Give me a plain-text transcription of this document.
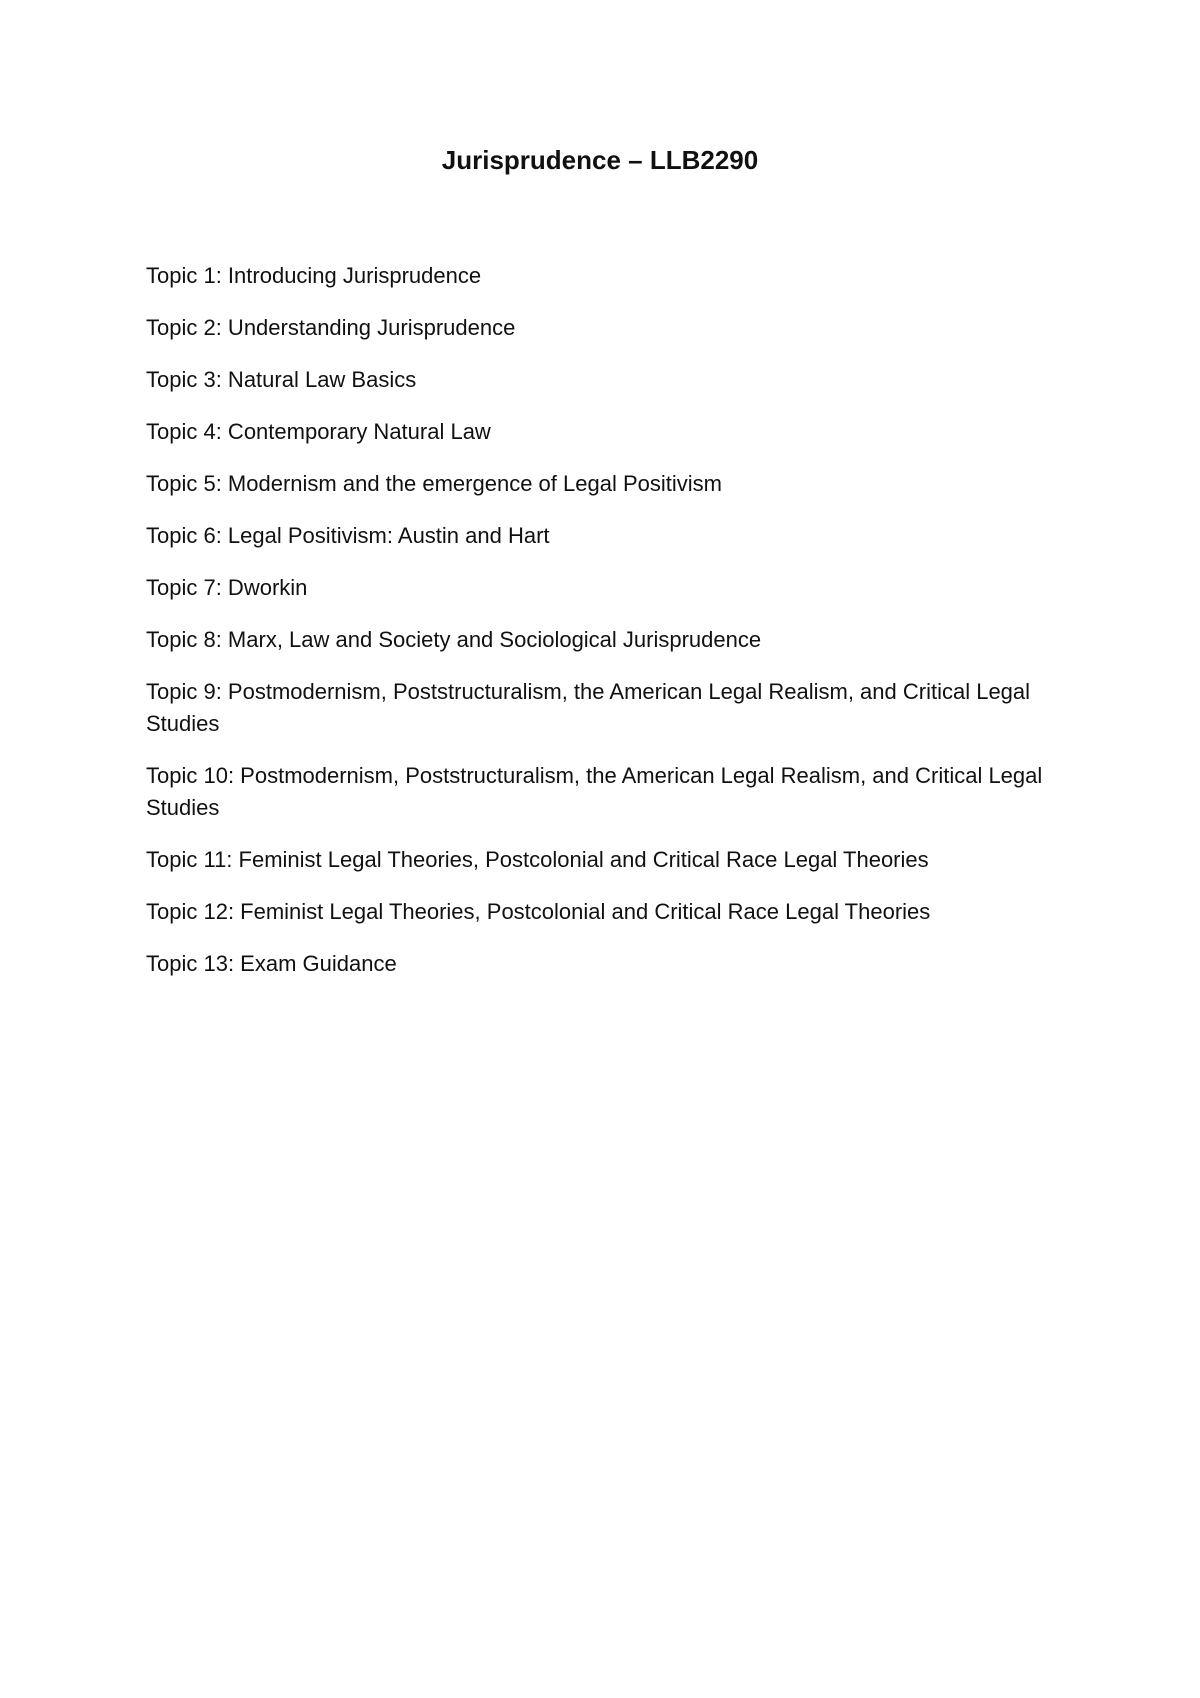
Jurisprudence – LLB2290
Topic 1: Introducing Jurisprudence
Topic 2: Understanding Jurisprudence
Topic 3: Natural Law Basics
Topic 4: Contemporary Natural Law
Topic 5: Modernism and the emergence of Legal Positivism
Topic 6: Legal Positivism: Austin and Hart
Topic 7: Dworkin
Topic 8: Marx, Law and Society and Sociological Jurisprudence
Topic 9: Postmodernism, Poststructuralism, the American Legal Realism, and Critical Legal Studies
Topic 10: Postmodernism, Poststructuralism, the American Legal Realism, and Critical Legal Studies
Topic 11: Feminist Legal Theories, Postcolonial and Critical Race Legal Theories
Topic 12: Feminist Legal Theories, Postcolonial and Critical Race Legal Theories
Topic 13: Exam Guidance
